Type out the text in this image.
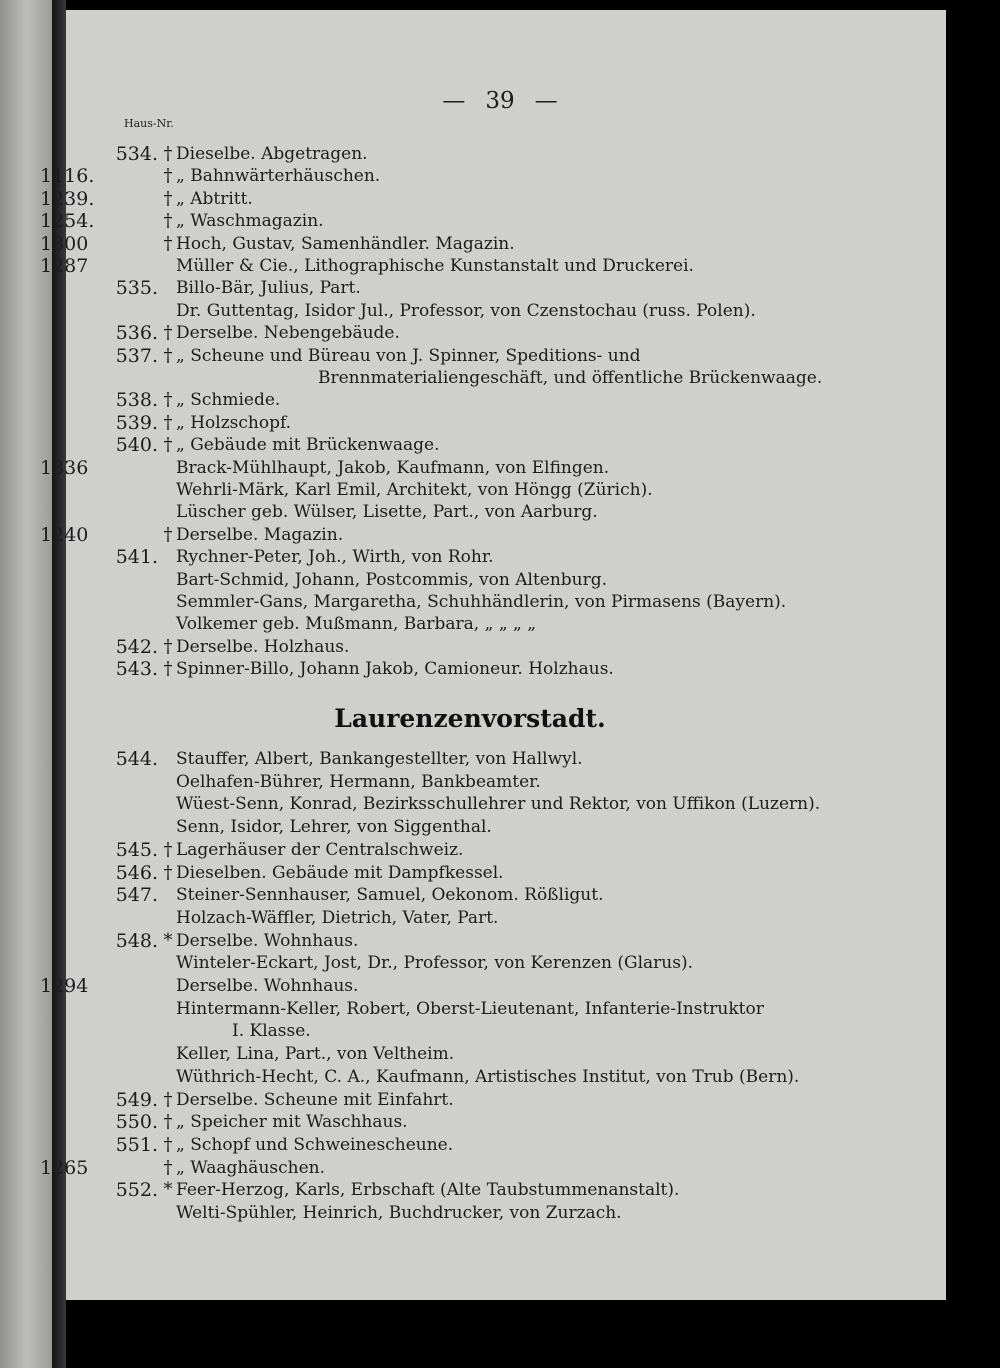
— 39 —
Haus-Nr.
534. † Dieselbe. Abgetragen.
1116.	† „ Bahnwärterhäuschen.
1239.	† „ Abtritt.
1254.	† „ Waschmagazin.
1300	† Hoch, Gustav, Samenhändler. Magazin.
1287	Müller & Cie., Lithographische Kunstanstalt und Druckerei.
535. Billo-Bär, Julius, Part.
Dr. Guttentag, Isidor Jul., Professor, von Czenstochau (russ. Polen).
536. † Derselbe. Nebengebäude.
537. † „ Scheune und Büreau von J. Spinner, Speditions- und
Brennmaterialiengeschäft, und öffentliche Brückenwaage.
538. † „ Schmiede.
539. † „ Holzschopf.
540. † „ Gebäude mit Brückenwaage.
1336	Brack-Mühlhaupt, Jakob, Kaufmann, von Elfingen.
Wehrli-Märk, Karl Emil, Architekt, von Höngg (Zürich).
Lüscher geb. Wülser, Lisette, Part., von Aarburg.
1240	† Derselbe. Magazin.
541. Rychner-Peter, Joh., Wirth, von Rohr.
Bart-Schmid, Johann, Postcommis, von Altenburg.
Semmler-Gans, Margaretha, Schuhhändlerin, von Pirmasens (Bayern).
Volkemer geb. Mußmann, Barbara, „ „ „ „
542. † Derselbe. Holzhaus.
543. † Spinner-Billo, Johann Jakob, Camioneur. Holzhaus.
Laurenzenvorstadt.
544. Stauffer, Albert, Bankangestellter, von Hallwyl.
Oelhafen-Bührer, Hermann, Bankbeamter.
Wüest-Senn, Konrad, Bezirksschullehrer und Rektor, von Uffikon (Luzern).
Senn, Isidor, Lehrer, von Siggenthal.
545. † Lagerhäuser der Centralschweiz.
546. † Dieselben. Gebäude mit Dampfkessel.
547. Steiner-Sennhauser, Samuel, Oekonom. Rößligut.
Holzach-Wäffler, Dietrich, Vater, Part.
548. * Derselbe. Wohnhaus.
Winteler-Eckart, Jost, Dr., Professor, von Kerenzen (Glarus).
1294	Derselbe. Wohnhaus.
Hintermann-Keller, Robert, Oberst-Lieutenant, Infanterie-Instruktor
I. Klasse.
Keller, Lina, Part., von Veltheim.
Wüthrich-Hecht, C. A., Kaufmann, Artistisches Institut, von Trub (Bern).
549. † Derselbe. Scheune mit Einfahrt.
550. † „ Speicher mit Waschhaus.
551. † „ Schopf und Schweinescheune.
1265	† „ Waaghäuschen.
552. * Feer-Herzog, Karls, Erbschaft (Alte Taubstummenanstalt).
Welti-Spühler, Heinrich, Buchdrucker, von Zurzach.
